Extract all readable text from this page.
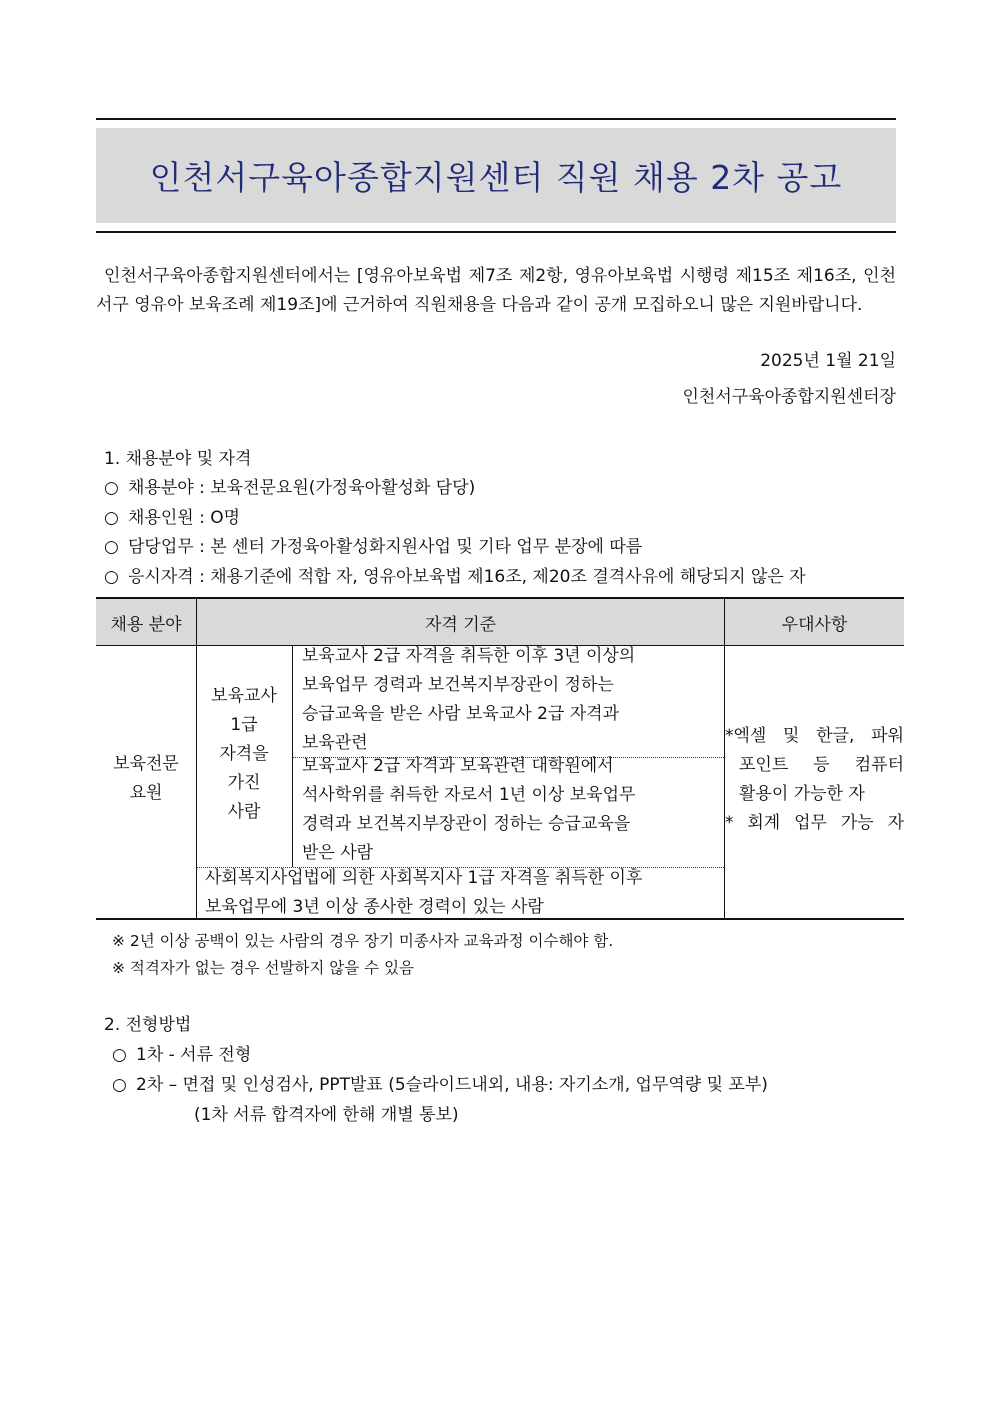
인천서구육아종합지원센터 직원 채용 2차 공고

인천서구육아종합지원센터에서는 [영유아보육법 제7조 제2항, 영유아보육법 시행령 제15조 제16조, 인천 서구 영유아 보육조례 제19조]에 근거하여 직원채용을 다음과 같이 공개 모집하오니 많은 지원바랍니다.

2025년 1월 21일
인천서구육아종합지원센터장

1. 채용분야 및 자격

○ 채용분야 : 보육전문요원(가정육아활성화 담당)
○ 채용인원 : O명
○ 담당업무 : 본 센터 가정육아활성화지원사업 및 기타 업무 분장에 따름
○ 응시자격 : 채용기준에 적합 자, 영유아보육법 제16조, 제20조 결격사유에 해당되지 않은 자
채용 분야	자격 기준	우대사항
보육전문
요원
보육교사
1급
자격을
가진
사람
보육교사 2급 자격을 취득한 이후 3년 이상의
보육업무 경력과 보건복지부장관이 정하는
승급교육을 받은 사람 보육교사 2급 자격과
보육관련
보육교사 2급 자격과 보육관련 대학원에서
석사학위를 취득한 자로서 1년 이상 보육업무
경력과 보건복지부장관이 정하는 승급교육을
받은 사람
사회복지사업법에 의한 사회복지사 1급 자격을 취득한 이후
보육업무에 3년 이상 종사한 경력이 있는 사람
*엑셀 및 한글, 파워
포인트 등 컴퓨터
활용이 가능한 자
* 회계 업무 가능 자
※ 2년 이상 공백이 있는 사람의 경우 장기 미종사자 교육과정 이수해야 함.
※ 적격자가 없는 경우 선발하지 않을 수 있음

2. 전형방법

○ 1차 - 서류 전형
○ 2차 – 면접 및 인성검사, PPT발표 (5슬라이드내외, 내용: 자기소개, 업무역량 및 포부)
(1차 서류 합격자에 한해 개별 통보)
